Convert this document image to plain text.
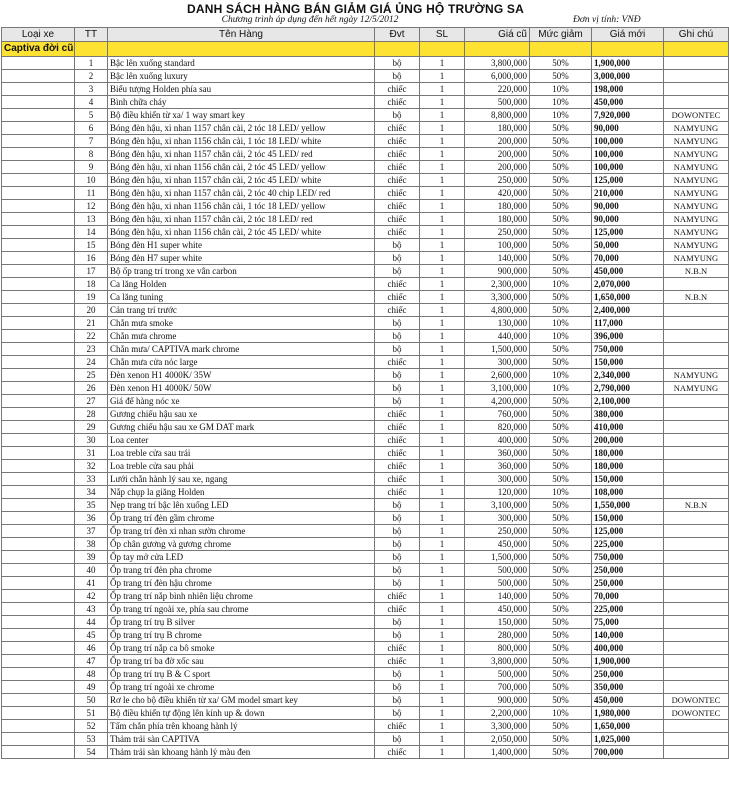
DANH SÁCH HÀNG BÁN GIẢM GIÁ ỦNG HỘ TRƯỜNG SA
Chương trình áp dụng đến hết ngày 12/5/2012	Đơn vị tính: VNĐ
Loại xe	TT	Tên Hàng	Đvt	SL	Giá cũ	Mức giảm	Giá mới	Ghi chú
Captiva đời cũ								
	1	Bậc lên xuống standard	bộ	1	3,800,000	50%	1,900,000	
	2	Bậc lên xuống luxury	bộ	1	6,000,000	50%	3,000,000	
	3	Biểu tượng Holden phía sau	chiếc	1	220,000	10%	198,000	
	4	Bình chữa cháy	chiếc	1	500,000	10%	450,000	
	5	Bộ điều khiển từ xa/ 1 way smart key	bộ	1	8,800,000	10%	7,920,000	DOWONTEC
	6	Bóng đèn hậu, xi nhan 1157 chân cài, 2 tóc 18 LED/ yellow	chiếc	1	180,000	50%	90,000	NAMYUNG
	7	Bóng đèn hậu, xi nhan 1156 chân cài, 1 tóc 18 LED/ white	chiếc	1	200,000	50%	100,000	NAMYUNG
	8	Bóng đèn hậu, xi nhan 1157 chân cài, 2 tóc 45 LED/ red	chiếc	1	200,000	50%	100,000	NAMYUNG
	9	Bóng đèn hậu, xi nhan 1156 chân cài, 2 tóc 45 LED/ yellow	chiếc	1	200,000	50%	100,000	NAMYUNG
	10	Bóng đèn hậu, xi nhan 1157 chân cài, 2 tóc 45 LED/ white	chiếc	1	250,000	50%	125,000	NAMYUNG
	11	Bóng đèn hậu, xi nhan 1157 chân cài, 2 tóc 40 chip LED/ red	chiếc	1	420,000	50%	210,000	NAMYUNG
	12	Bóng đèn hậu, xi nhan 1156 chân cài, 1 tóc 18 LED/ yellow	chiếc	1	180,000	50%	90,000	NAMYUNG
	13	Bóng đèn hậu, xi nhan 1157 chân cài, 2 tóc 18 LED/ red	chiếc	1	180,000	50%	90,000	NAMYUNG
	14	Bóng đèn hậu, xi nhan 1156 chân cài, 2 tóc 45 LED/ white	chiếc	1	250,000	50%	125,000	NAMYUNG
	15	Bóng đèn H1 super white	bộ	1	100,000	50%	50,000	NAMYUNG
	16	Bóng đèn H7 super white	bộ	1	140,000	50%	70,000	NAMYUNG
	17	Bộ ốp trang trí trong xe vân carbon	bộ	1	900,000	50%	450,000	N.B.N
	18	Ca lăng Holden	chiếc	1	2,300,000	10%	2,070,000	
	19	Ca lăng tuning	chiếc	1	3,300,000	50%	1,650,000	N.B.N
	20	Cản trang trí trước	chiếc	1	4,800,000	50%	2,400,000	
	21	Chắn mưa smoke	bộ	1	130,000	10%	117,000	
	22	Chắn mưa chrome	bộ	1	440,000	10%	396,000	
	23	Chắn mưa/ CAPTIVA mark chrome	bộ	1	1,500,000	50%	750,000	
	24	Chắn mưa cửa nóc large	chiếc	1	300,000	50%	150,000	
	25	Đèn xenon H1 4000K/ 35W	bộ	1	2,600,000	10%	2,340,000	NAMYUNG
	26	Đèn xenon H1 4000K/ 50W	bộ	1	3,100,000	10%	2,790,000	NAMYUNG
	27	Giá để hàng nóc xe	bộ	1	4,200,000	50%	2,100,000	
	28	Gương chiếu hậu sau xe	chiếc	1	760,000	50%	380,000	
	29	Gương chiếu hậu sau xe GM DAT mark	chiếc	1	820,000	50%	410,000	
	30	Loa center	chiếc	1	400,000	50%	200,000	
	31	Loa treble cửa sau trái	chiếc	1	360,000	50%	180,000	
	32	Loa treble cửa sau phải	chiếc	1	360,000	50%	180,000	
	33	Lưới chắn hành lý sau xe, ngang	chiếc	1	300,000	50%	150,000	
	34	Nắp chụp la giăng Holden	chiếc	1	120,000	10%	108,000	
	35	Nẹp trang trí bậc lên xuống LED	bộ	1	3,100,000	50%	1,550,000	N.B.N
	36	Ốp trang trí đèn gầm chrome	bộ	1	300,000	50%	150,000	
	37	Ốp trang trí đèn xi nhan sườn chrome	bộ	1	250,000	50%	125,000	
	38	Ốp chân gương và gương chrome	bộ	1	450,000	50%	225,000	
	39	Ốp tay mở cửa LED	bộ	1	1,500,000	50%	750,000	
	40	Ốp trang trí đèn pha chrome	bộ	1	500,000	50%	250,000	
	41	Ốp trang trí đèn hậu chrome	bộ	1	500,000	50%	250,000	
	42	Ốp trang trí nắp bình nhiên liệu chrome	chiếc	1	140,000	50%	70,000	
	43	Ốp trang trí ngoài xe, phía sau chrome	chiếc	1	450,000	50%	225,000	
	44	Ốp trang trí trụ B silver	bộ	1	150,000	50%	75,000	
	45	Ốp trang trí trụ B chrome	bộ	1	280,000	50%	140,000	
	46	Ốp trang trí nắp ca bô smoke	chiếc	1	800,000	50%	400,000	
	47	Ốp trang trí ba đờ xốc sau	chiếc	1	3,800,000	50%	1,900,000	
	48	Ốp trang trí trụ B & C sport	bộ	1	500,000	50%	250,000	
	49	Ốp trang trí ngoài xe chrome	bộ	1	700,000	50%	350,000	
	50	Rơ le cho bộ điều khiển từ xa/ GM model smart key	bộ	1	900,000	50%	450,000	DOWONTEC
	51	Bộ điều khiển tự động lên kính up & down	bộ	1	2,200,000	10%	1,980,000	DOWONTEC
	52	Tấm chắn phía trên khoang hành lý	chiếc	1	3,300,000	50%	1,650,000	
	53	Thảm trải sàn CAPTIVA	bộ	1	2,050,000	50%	1,025,000	
	54	Thảm trải sàn khoang hành lý màu đen	chiếc	1	1,400,000	50%	700,000	
